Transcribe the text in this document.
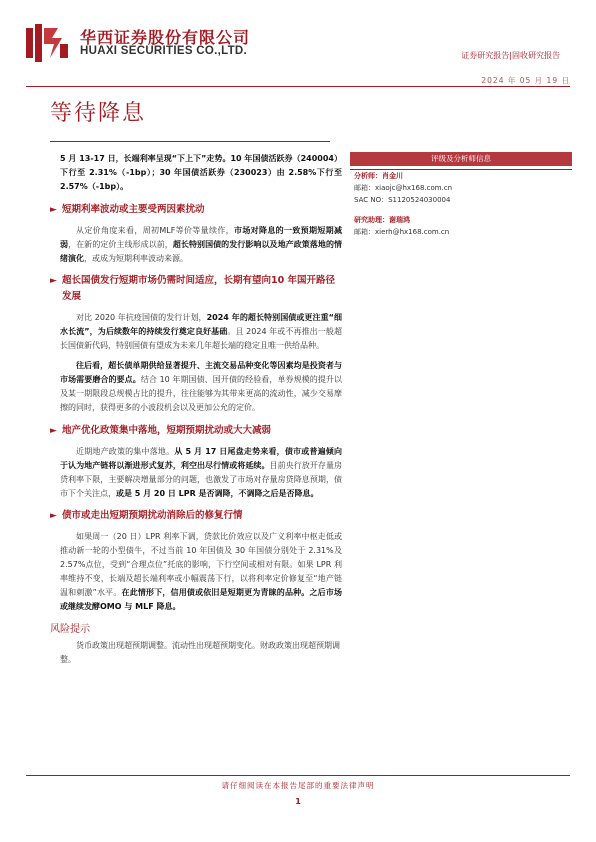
华西证券股份有限公司
HUAXI SECURITIES CO.,LTD.	证券研究报告|固收研究报告
2024 年 05 月 19 日
等待降息

5 月 13-17 日，长端利率呈现“下上下”走势。10 年国债活跃券（240004）下行至 2.31%（-1bp）；30 年国债活跃券（230023）由 2.58%下行至 2.57%（-1bp）。

► 短期利率波动或主要受两因素扰动

从定价角度来看，周初MLF等价等量续作，市场对降息的一致预期短期减弱，在新的定价主线形成以前，超长特别国债的发行影响以及地产政策落地的情绪演化，或成为短期利率波动来源。

► 超长国债发行短期市场仍需时间适应，长期有望向10 年国开路径发展

对比 2020 年抗疫国债的发行计划，2024 年的超长特别国债或更注重“细水长流”，为后续数年的持续发行奠定良好基础。且 2024 年或不再推出一般超长国债新代码，特别国债有望成为未来几年超长端的稳定且唯一供给品种。

往后看，超长债单期供给显著提升、主流交易品种变化等因素均是投资者与市场需要磨合的要点。结合 10 年期国债、国开债的经验看，单券规模的提升以及某一期限段总规模占比的提升，往往能够为其带来更高的流动性，减少交易摩擦的同时，获得更多的小波段机会以及更加公允的定价。

► 地产优化政策集中落地，短期预期扰动或大大减弱

近期地产政策的集中落地。从 5 月 17 日尾盘走势来看，债市或普遍倾向于认为地产链将以渐进形式复苏，利空出尽行情或将延续。目前央行放开存量房贷利率下限，主要解决增量部分的问题，也激发了市场对存量房贷降息预期，债市下个关注点，或是 5 月 20 日 LPR 是否调降，不调降之后是否降息。

► 债市或走出短期预期扰动消除后的修复行情

如果周一（20 日）LPR 利率下调，贷款比价效应以及广义利率中枢走低或推动新一轮的小型债牛，不过当前 10 年国债及 30 年国债分别处于 2.31%及 2.57%点位，受到“合理点位”托底的影响，下行空间或相对有限。如果 LPR 利率维持不变，长端及超长端利率或小幅震荡下行，以将利率定价修复至“地产链温和刺激”水平。在此情形下，信用债或依旧是短期更为青睐的品种。之后市场或继续发酵OMO 与 MLF 降息。

风险提示

货币政策出现超预期调整。流动性出现超预期变化。财政政策出现超预期调整。

评级及分析师信息
分析师：肖金川
邮箱：xiaojc@hx168.com.cn
SAC NO：S1120524030004
研究助理：谢瑞鸿
邮箱：xierh@hx168.com.cn
请仔细阅读在本报告尾部的重要法律声明
1
